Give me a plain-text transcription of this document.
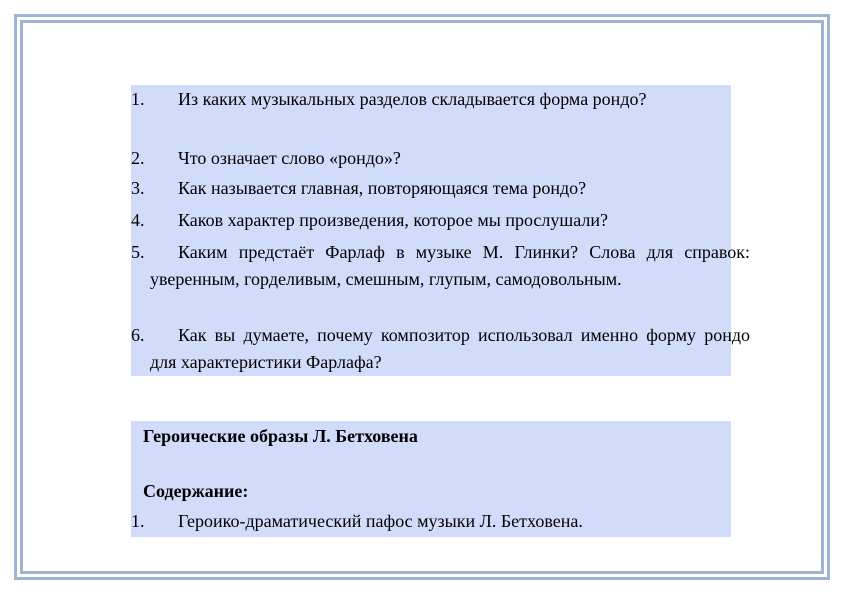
1.	Из каких музыкальных разделов складывается форма рондо?
2.	Что означает слово «рондо»?
3.	Как называется главная, повторяющаяся тема рондо?
4.	Каков характер произведения, которое мы прослушали?
5.	Каким предстаёт Фарлаф в музыке М. Глинки? Слова для справок: уверенным, горделивым, смешным, глупым, самодовольным.
6.	Как вы думаете, почему композитор использовал именно форму рондо для характеристики Фарлафа?
Героические образы Л. Бетховена
Содержание:
1. Героико-драматический пафос музыки Л. Бетховена.
